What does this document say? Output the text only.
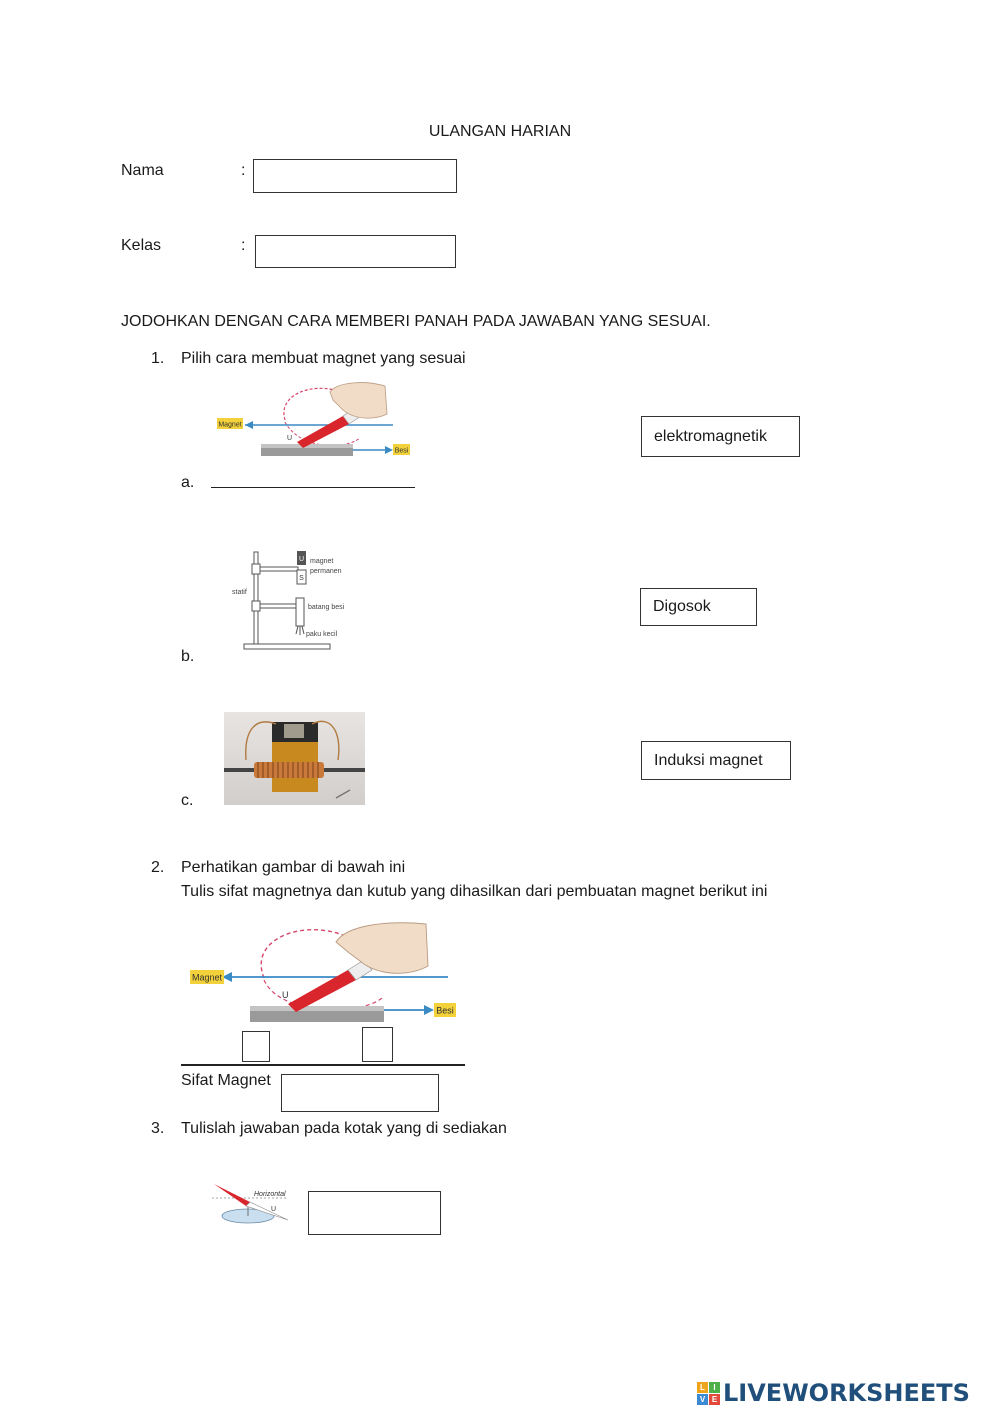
ULANGAN HARIAN
Nama	:
Kelas	:
JODOHKAN DENGAN CARA MEMBERI PANAH PADA JAWABAN YANG SESUAI.
1. Pilih cara membuat magnet yang sesuai
Magnet
Besi
U
a.
U
S
magnet
permanen
statif
batang besi
paku kecil
b.
c.
elektromagnetik
Digosok
Induksi magnet
2. Perhatikan gambar di bawah ini
Tulis sifat magnetnya dan kutub yang dihasilkan dari pembuatan magnet berikut ini
Magnet
Besi
U
Sifat Magnet
3. Tulislah jawaban pada kotak yang di sediakan
Horizontal
U
L	I
V E LIVEWORKSHEETS
